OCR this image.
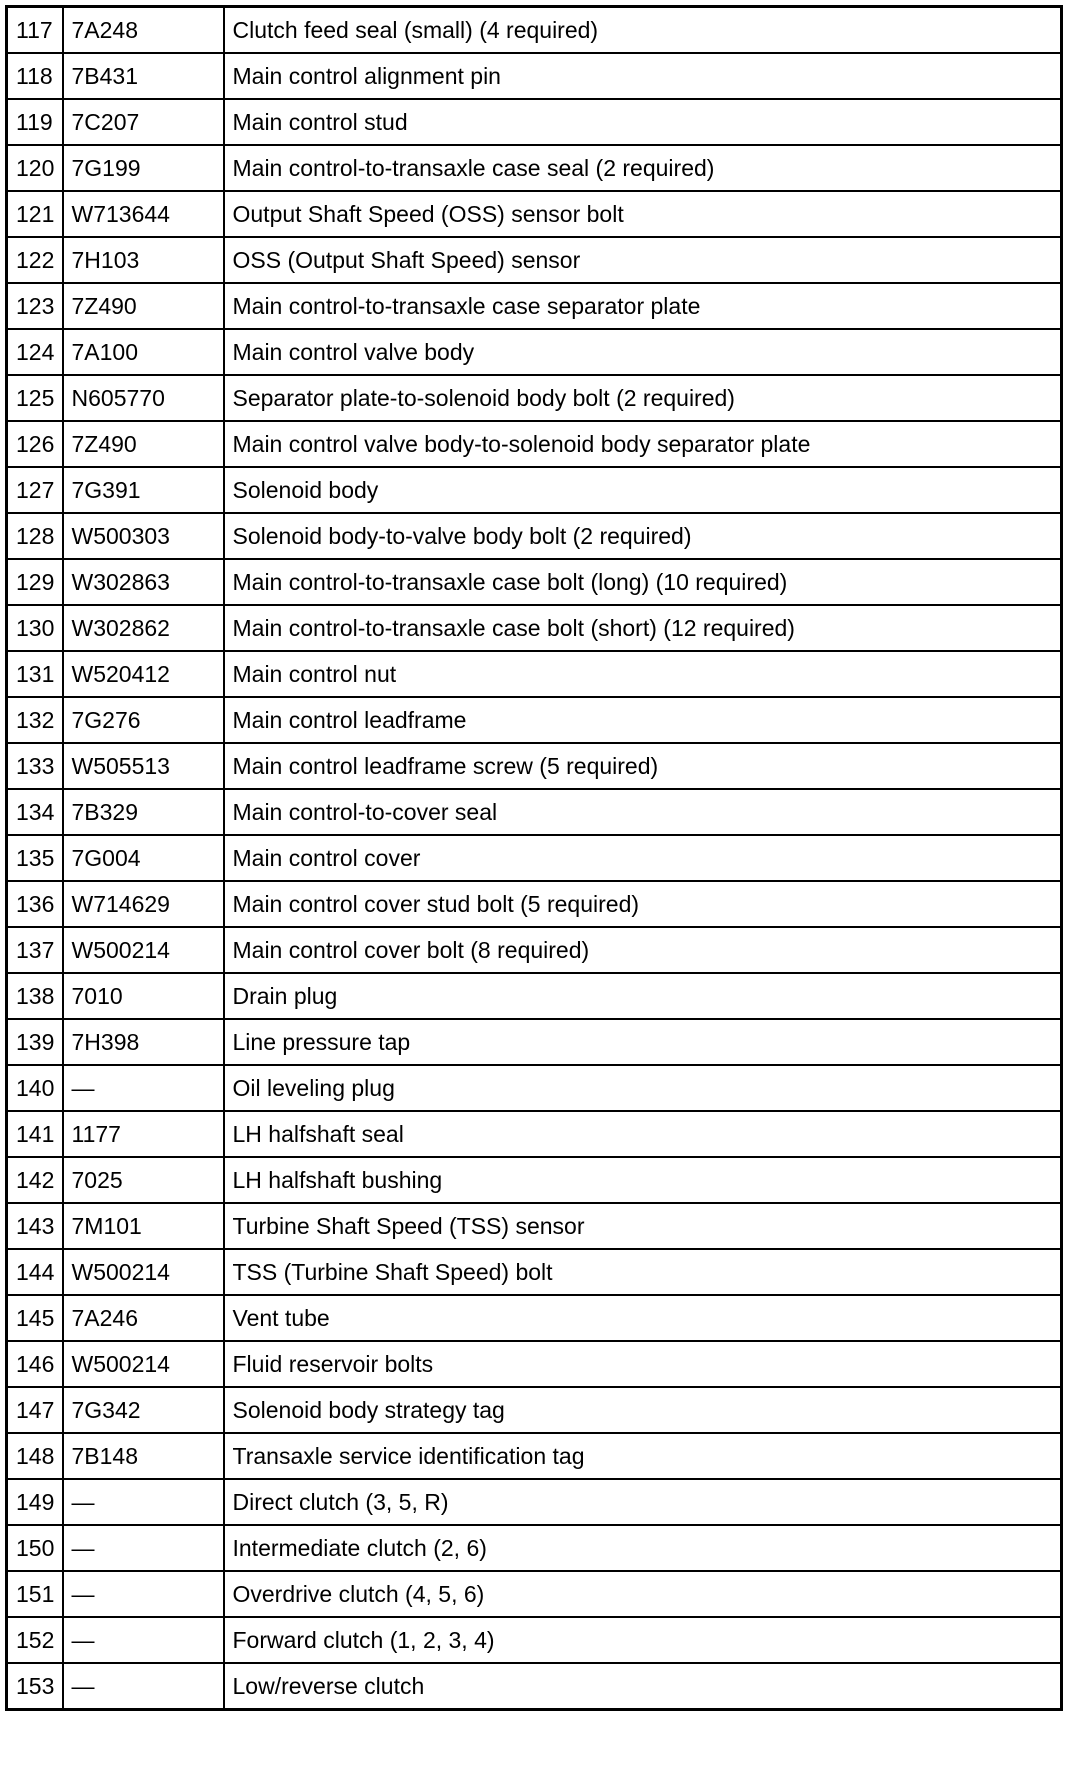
117	7A248	Clutch feed seal (small) (4 required)
118	7B431	Main control alignment pin
119	7C207	Main control stud
120	7G199	Main control-to-transaxle case seal (2 required)
121	W713644	Output Shaft Speed (OSS) sensor bolt
122	7H103	OSS (Output Shaft Speed) sensor
123	7Z490	Main control-to-transaxle case separator plate
124	7A100	Main control valve body
125	N605770	Separator plate-to-solenoid body bolt (2 required)
126	7Z490	Main control valve body-to-solenoid body separator plate
127	7G391	Solenoid body
128	W500303	Solenoid body-to-valve body bolt (2 required)
129	W302863	Main control-to-transaxle case bolt (long) (10 required)
130	W302862	Main control-to-transaxle case bolt (short) (12 required)
131	W520412	Main control nut
132	7G276	Main control leadframe
133	W505513	Main control leadframe screw (5 required)
134	7B329	Main control-to-cover seal
135	7G004	Main control cover
136	W714629	Main control cover stud bolt (5 required)
137	W500214	Main control cover bolt (8 required)
138	7010	Drain plug
139	7H398	Line pressure tap
140	—	Oil leveling plug
141	1177	LH halfshaft seal
142	7025	LH halfshaft bushing
143	7M101	Turbine Shaft Speed (TSS) sensor
144	W500214	TSS (Turbine Shaft Speed) bolt
145	7A246	Vent tube
146	W500214	Fluid reservoir bolts
147	7G342	Solenoid body strategy tag
148	7B148	Transaxle service identification tag
149	—	Direct clutch (3, 5, R)
150	—	Intermediate clutch (2, 6)
151	—	Overdrive clutch (4, 5, 6)
152	—	Forward clutch (1, 2, 3, 4)
153	—	Low/reverse clutch
